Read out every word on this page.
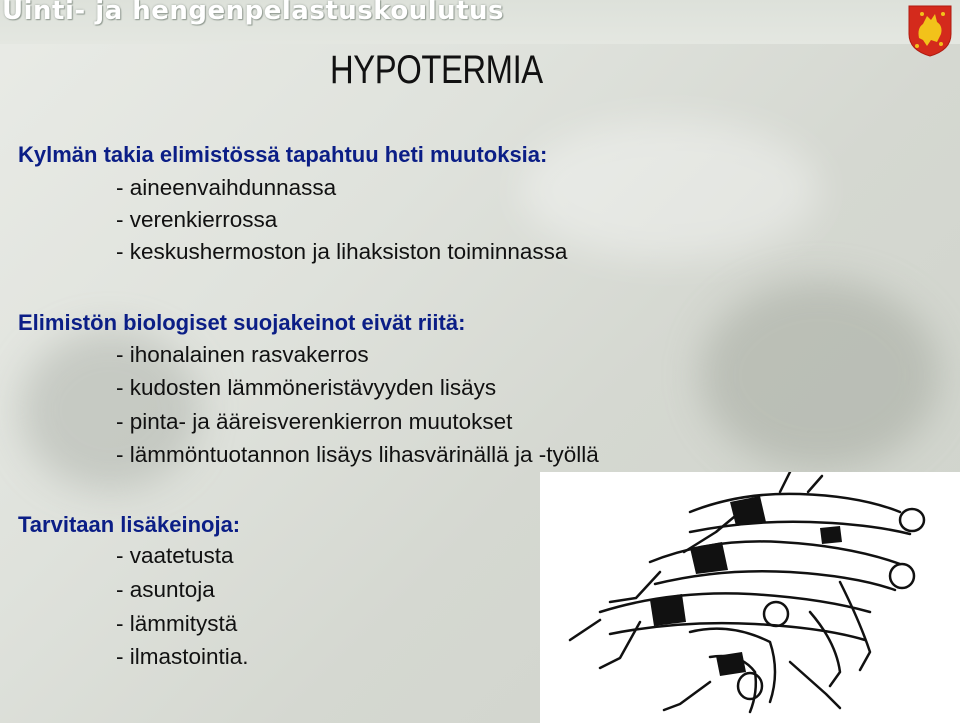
Uinti- ja hengenpelastuskoulutus
HYPOTERMIA

Kylmän takia elimistössä tapahtuu heti muutoksia:

- aineenvaihdunnassa

- verenkierrossa

- keskushermoston ja lihaksiston toiminnassa

Elimistön biologiset suojakeinot eivät riitä:

- ihonalainen rasvakerros

- kudosten lämmöneristävyyden lisäys

- pinta- ja ääreisverenkierron muutokset

- lämmöntuotannon lisäys lihasvärinällä ja -työllä

Tarvitaan lisäkeinoja:

- vaatetusta

- asuntoja

- lämmitystä

- ilmastointia.
